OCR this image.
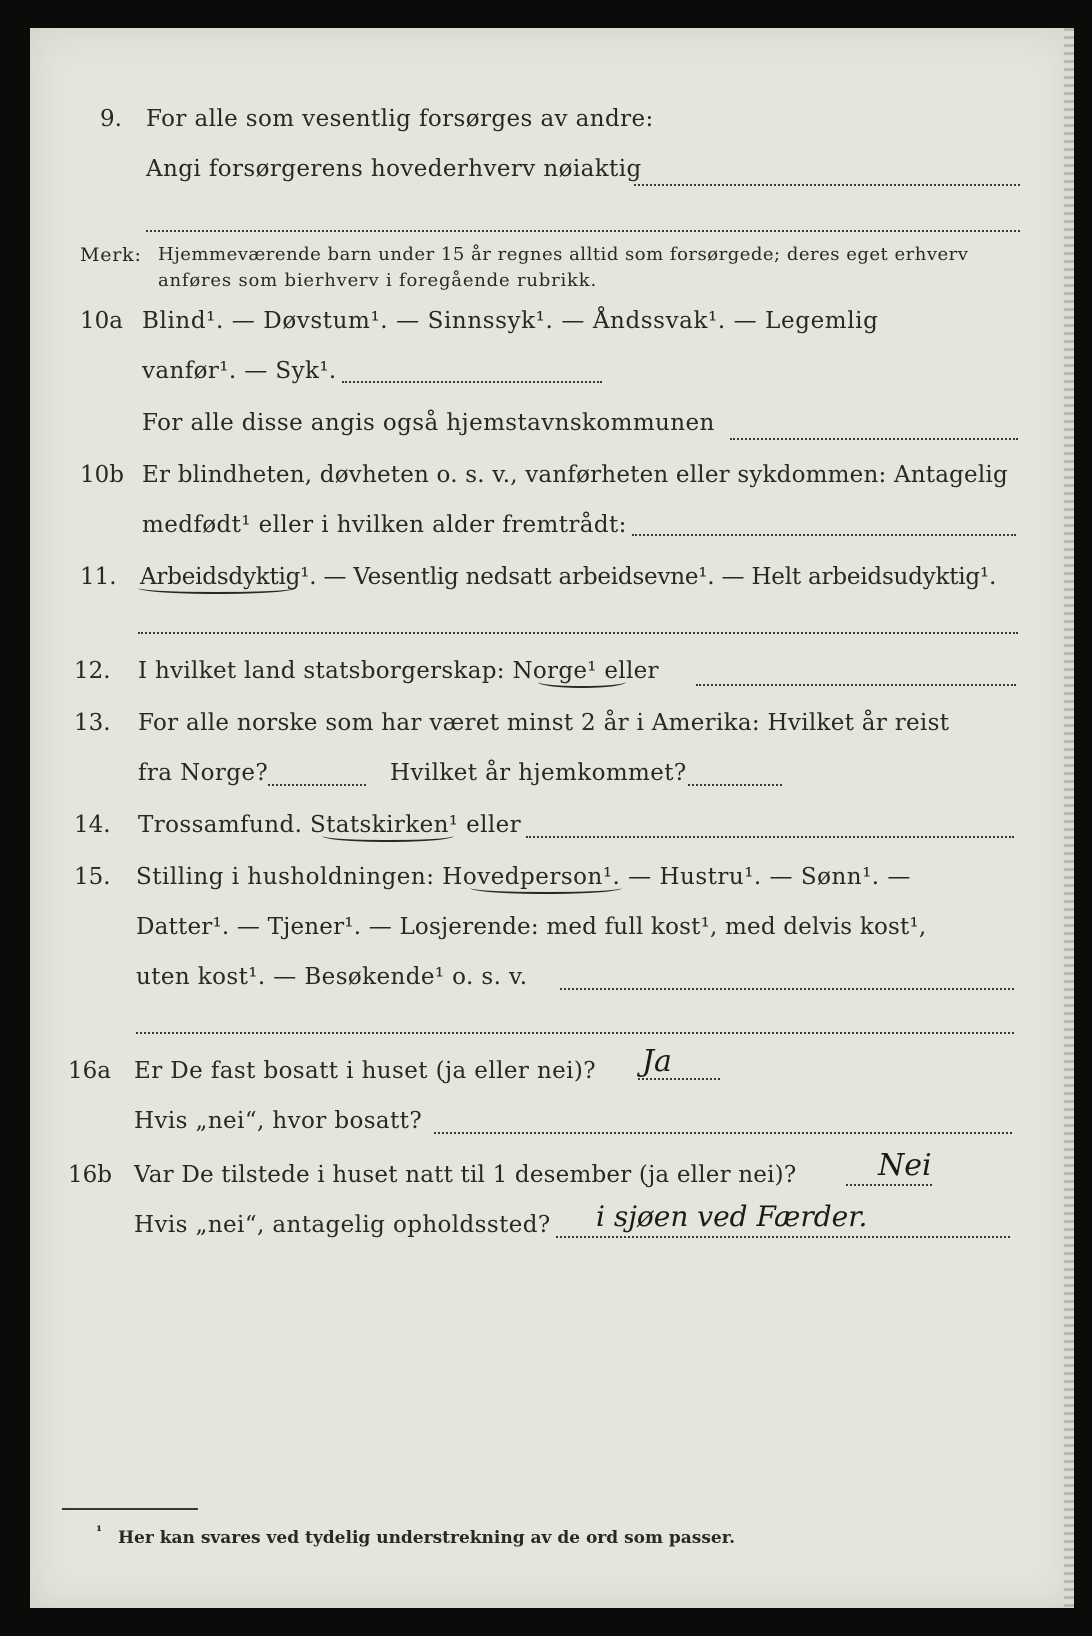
9. For alle som vesentlig forsørges av andre:
Angi forsørgerens hovederhverv nøiaktig
Merk: Hjemmeværende barn under 15 år regnes alltid som forsørgede; deres eget erhverv
anføres som bierhverv i foregående rubrikk.
10a Blind¹. — Døvstum¹. — Sinnssyk¹. — Åndssvak¹. — Legemlig
vanfør¹. — Syk¹.
For alle disse angis også hjemstavnskommunen
10b Er blindheten, døvheten o. s. v., vanførheten eller sykdommen: Antagelig
medfødt¹ eller i hvilken alder fremtrådt:
11. Arbeidsdyktig¹. — Vesentlig nedsatt arbeidsevne¹. — Helt arbeidsudyktig¹.
12. I hvilket land statsborgerskap: Norge¹ eller
13. For alle norske som har været minst 2 år i Amerika: Hvilket år reist
fra Norge?	Hvilket år hjemkommet?
14. Trossamfund. Statskirken¹ eller
15. Stilling i husholdningen: Hovedperson¹. — Hustru¹. — Sønn¹. —
Datter¹. — Tjener¹. — Losjerende: med full kost¹, med delvis kost¹,
uten kost¹. — Besøkende¹ o. s. v.
16a Er De fast bosatt i huset (ja eller nei)? Ja
Hvis „nei“, hvor bosatt?
16b Var De tilstede i huset natt til 1 desember (ja eller nei)?	Nei
Hvis „nei“, antagelig opholdssted? i sjøen ved Færder.
¹ Her kan svares ved tydelig understrekning av de ord som passer.
